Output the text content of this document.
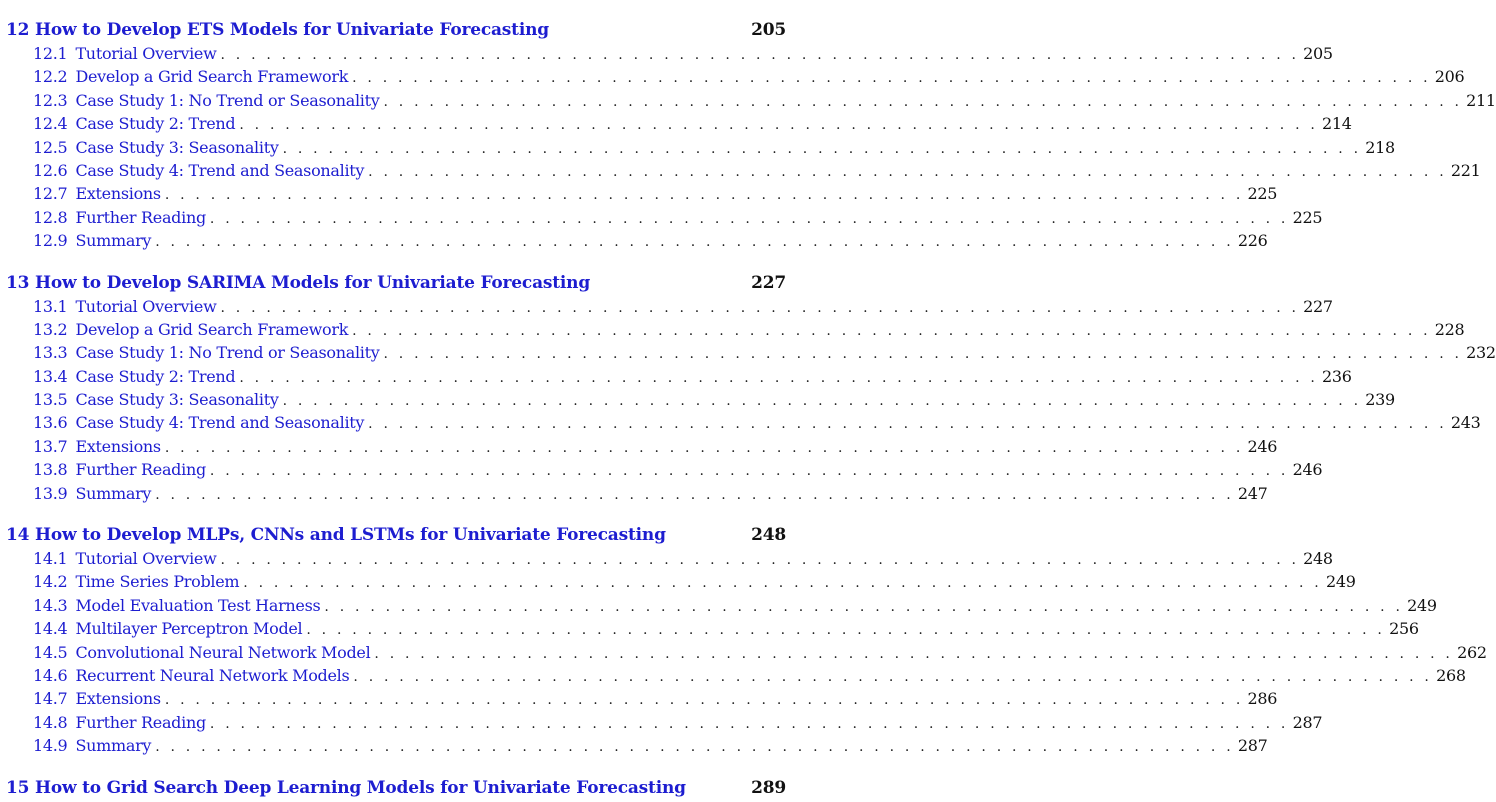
12 How to Develop ETS Models for Univariate Forecasting	205
12.1 Tutorial Overview . . . . . . . . . . . . . . . . . . . . . . . . . . . . . . . . . . . . . . . . . . . . . . . . . . . . . . . . . . . . . . . . . . . . . . . 205
12.2 Develop a Grid Search Framework . . . . . . . . . . . . . . . . . . . . . . . . . . . . . . . . . . . . . . . . . . . . . . . . . . . . . . . . . . . . . . . . . . . . . . . 206
12.3 Case Study 1: No Trend or Seasonality . . . . . . . . . . . . . . . . . . . . . . . . . . . . . . . . . . . . . . . . . . . . . . . . . . . . . . . . . . . . . . . . . . . . . . . 211
12.4 Case Study 2: Trend . . . . . . . . . . . . . . . . . . . . . . . . . . . . . . . . . . . . . . . . . . . . . . . . . . . . . . . . . . . . . . . . . . . . . . . 214
12.5 Case Study 3: Seasonality . . . . . . . . . . . . . . . . . . . . . . . . . . . . . . . . . . . . . . . . . . . . . . . . . . . . . . . . . . . . . . . . . . . . . . . 218
12.6 Case Study 4: Trend and Seasonality . . . . . . . . . . . . . . . . . . . . . . . . . . . . . . . . . . . . . . . . . . . . . . . . . . . . . . . . . . . . . . . . . . . . . . . 221
12.7 Extensions . . . . . . . . . . . . . . . . . . . . . . . . . . . . . . . . . . . . . . . . . . . . . . . . . . . . . . . . . . . . . . . . . . . . . . . 225
12.8 Further Reading . . . . . . . . . . . . . . . . . . . . . . . . . . . . . . . . . . . . . . . . . . . . . . . . . . . . . . . . . . . . . . . . . . . . . . . 225
12.9 Summary . . . . . . . . . . . . . . . . . . . . . . . . . . . . . . . . . . . . . . . . . . . . . . . . . . . . . . . . . . . . . . . . . . . . . . . 226
13 How to Develop SARIMA Models for Univariate Forecasting	227
13.1 Tutorial Overview . . . . . . . . . . . . . . . . . . . . . . . . . . . . . . . . . . . . . . . . . . . . . . . . . . . . . . . . . . . . . . . . . . . . . . . 227
13.2 Develop a Grid Search Framework . . . . . . . . . . . . . . . . . . . . . . . . . . . . . . . . . . . . . . . . . . . . . . . . . . . . . . . . . . . . . . . . . . . . . . . 228
13.3 Case Study 1: No Trend or Seasonality . . . . . . . . . . . . . . . . . . . . . . . . . . . . . . . . . . . . . . . . . . . . . . . . . . . . . . . . . . . . . . . . . . . . . . . 232
13.4 Case Study 2: Trend . . . . . . . . . . . . . . . . . . . . . . . . . . . . . . . . . . . . . . . . . . . . . . . . . . . . . . . . . . . . . . . . . . . . . . . 236
13.5 Case Study 3: Seasonality . . . . . . . . . . . . . . . . . . . . . . . . . . . . . . . . . . . . . . . . . . . . . . . . . . . . . . . . . . . . . . . . . . . . . . . 239
13.6 Case Study 4: Trend and Seasonality . . . . . . . . . . . . . . . . . . . . . . . . . . . . . . . . . . . . . . . . . . . . . . . . . . . . . . . . . . . . . . . . . . . . . . . 243
13.7 Extensions . . . . . . . . . . . . . . . . . . . . . . . . . . . . . . . . . . . . . . . . . . . . . . . . . . . . . . . . . . . . . . . . . . . . . . . 246
13.8 Further Reading . . . . . . . . . . . . . . . . . . . . . . . . . . . . . . . . . . . . . . . . . . . . . . . . . . . . . . . . . . . . . . . . . . . . . . . 246
13.9 Summary . . . . . . . . . . . . . . . . . . . . . . . . . . . . . . . . . . . . . . . . . . . . . . . . . . . . . . . . . . . . . . . . . . . . . . . 247
14 How to Develop MLPs, CNNs and LSTMs for Univariate Forecasting	248
14.1 Tutorial Overview . . . . . . . . . . . . . . . . . . . . . . . . . . . . . . . . . . . . . . . . . . . . . . . . . . . . . . . . . . . . . . . . . . . . . . . 248
14.2 Time Series Problem . . . . . . . . . . . . . . . . . . . . . . . . . . . . . . . . . . . . . . . . . . . . . . . . . . . . . . . . . . . . . . . . . . . . . . . 249
14.3 Model Evaluation Test Harness . . . . . . . . . . . . . . . . . . . . . . . . . . . . . . . . . . . . . . . . . . . . . . . . . . . . . . . . . . . . . . . . . . . . . . . 249
14.4 Multilayer Perceptron Model . . . . . . . . . . . . . . . . . . . . . . . . . . . . . . . . . . . . . . . . . . . . . . . . . . . . . . . . . . . . . . . . . . . . . . . 256
14.5 Convolutional Neural Network Model . . . . . . . . . . . . . . . . . . . . . . . . . . . . . . . . . . . . . . . . . . . . . . . . . . . . . . . . . . . . . . . . . . . . . . . 262
14.6 Recurrent Neural Network Models . . . . . . . . . . . . . . . . . . . . . . . . . . . . . . . . . . . . . . . . . . . . . . . . . . . . . . . . . . . . . . . . . . . . . . . 268
14.7 Extensions . . . . . . . . . . . . . . . . . . . . . . . . . . . . . . . . . . . . . . . . . . . . . . . . . . . . . . . . . . . . . . . . . . . . . . . 286
14.8 Further Reading . . . . . . . . . . . . . . . . . . . . . . . . . . . . . . . . . . . . . . . . . . . . . . . . . . . . . . . . . . . . . . . . . . . . . . . 287
14.9 Summary . . . . . . . . . . . . . . . . . . . . . . . . . . . . . . . . . . . . . . . . . . . . . . . . . . . . . . . . . . . . . . . . . . . . . . . 287
15 How to Grid Search Deep Learning Models for Univariate Forecasting	289
